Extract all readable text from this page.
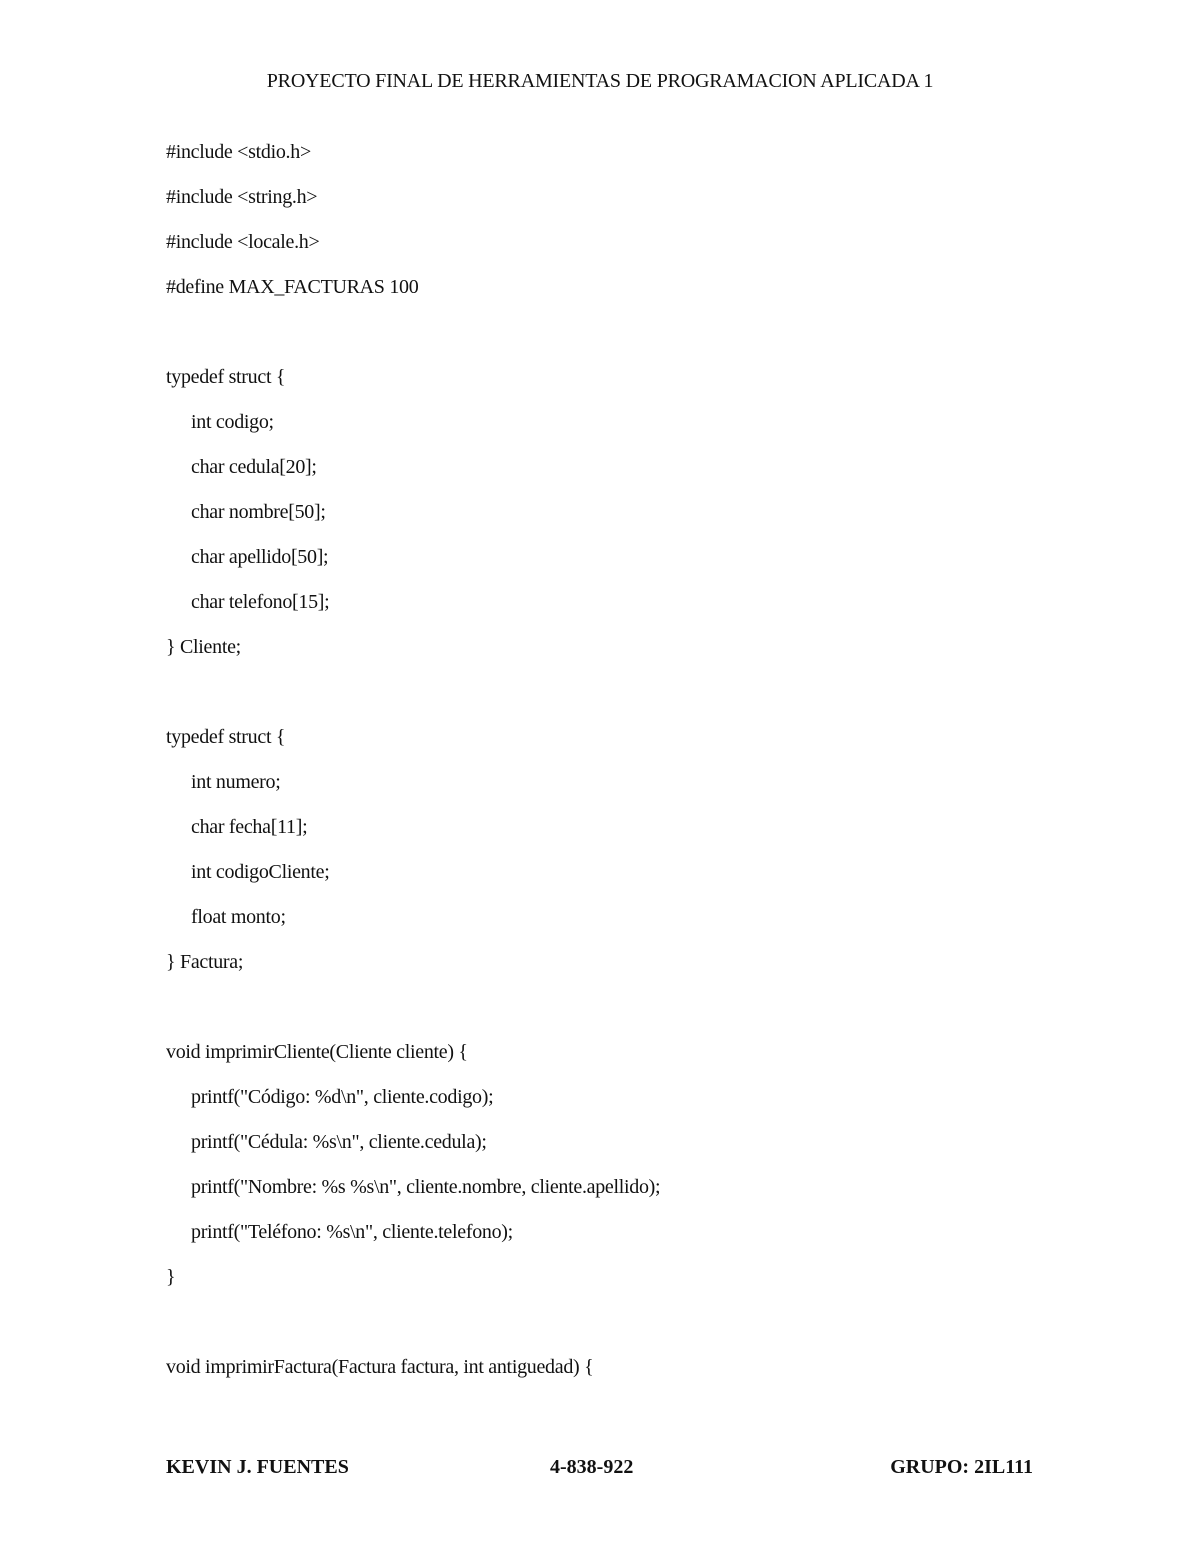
PROYECTO FINAL DE HERRAMIENTAS DE PROGRAMACION APLICADA 1
#include <stdio.h>
#include <string.h>
#include <locale.h>
#define MAX_FACTURAS 100
typedef struct {
int codigo;
char cedula[20];
char nombre[50];
char apellido[50];
char telefono[15];
} Cliente;
typedef struct {
int numero;
char fecha[11];
int codigoCliente;
float monto;
} Factura;
void imprimirCliente(Cliente cliente) {
printf("Código: %d\n", cliente.codigo);
printf("Cédula: %s\n", cliente.cedula);
printf("Nombre: %s %s\n", cliente.nombre, cliente.apellido);
printf("Teléfono: %s\n", cliente.telefono);
}
void imprimirFactura(Factura factura, int antiguedad) {
KEVIN J. FUENTES	4-838-922	GRUPO: 2IL111
